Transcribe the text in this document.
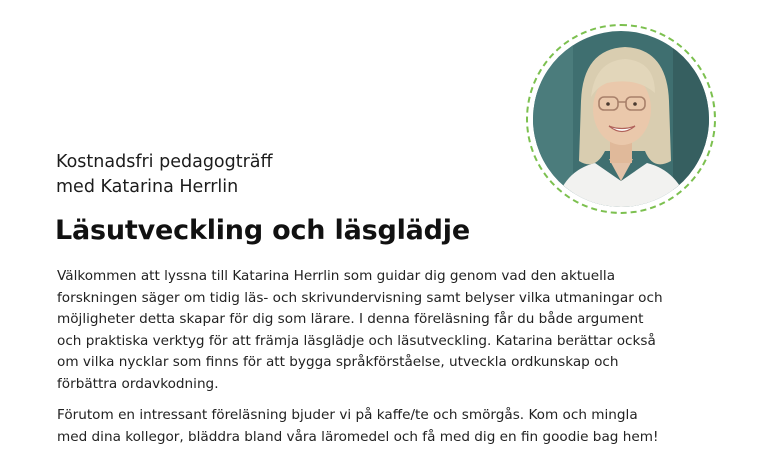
Kostnadsfri pedagogträff
med Katarina Herrlin
Läsutveckling och läsglädje

Välkommen att lyssna till Katarina Herrlin som guidar dig genom vad den aktuella
forskningen säger om tidig läs- och skrivundervisning samt belyser vilka utmaningar och
möjligheter detta skapar för dig som lärare. I denna föreläsning får du både argument
och praktiska verktyg för att främja läsglädje och läsutveckling. Katarina berättar också
om vilka nycklar som finns för att bygga språkförståelse, utveckla ordkunskap och
förbättra ordavkodning.

Förutom en intressant föreläsning bjuder vi på kaffe/te och smörgås. Kom och mingla
med dina kollegor, bläddra bland våra läromedel och få med dig en fin goodie bag hem!
